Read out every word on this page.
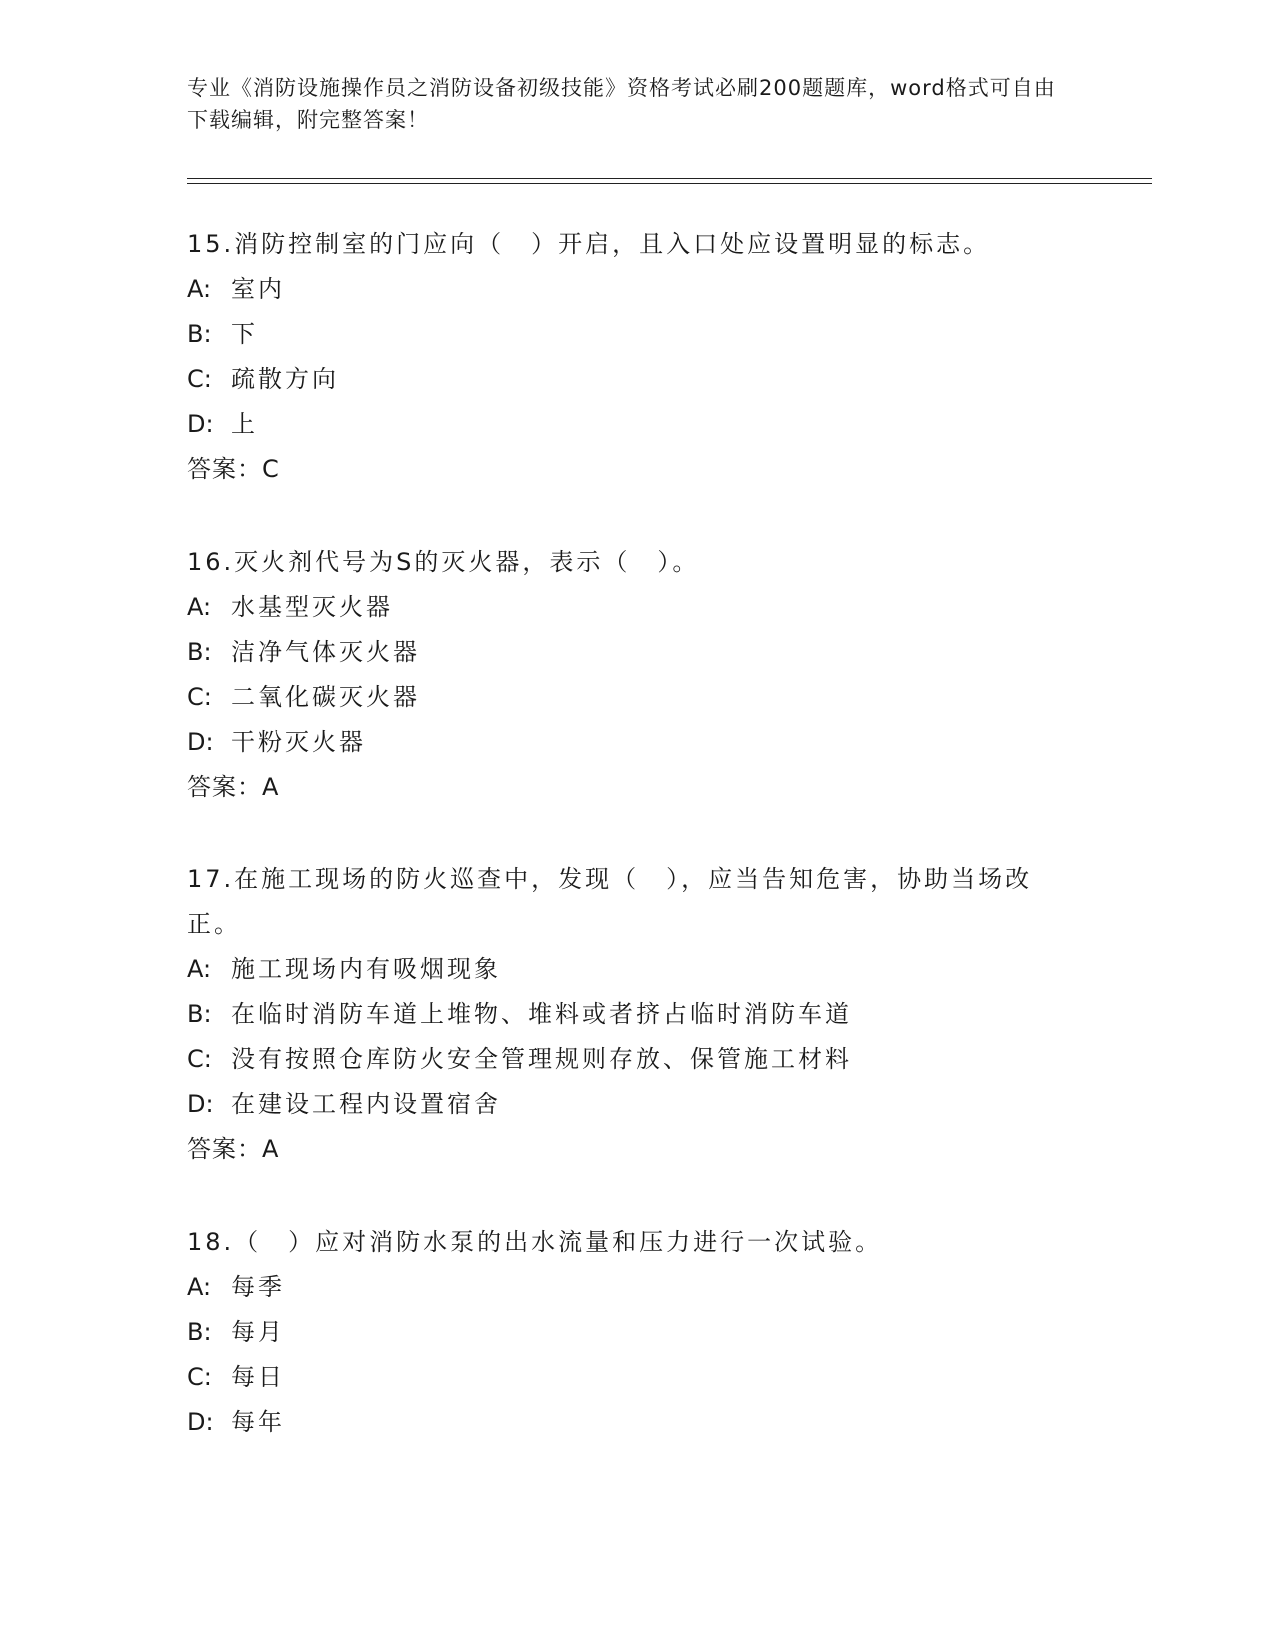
专业《消防设施操作员之消防设备初级技能》资格考试必刷200题题库，word格式可自由下载编辑，附完整答案！

15.消防控制室的门应向（　）开启，且入口处应设置明显的标志。

A: 室内

B: 下

C: 疏散方向

D: 上

答案：C

16.灭火剂代号为S的灭火器，表示（　）。

A: 水基型灭火器

B: 洁净气体灭火器

C: 二氧化碳灭火器

D: 干粉灭火器

答案：A

17.在施工现场的防火巡查中，发现（　），应当告知危害，协助当场改正。

A: 施工现场内有吸烟现象

B: 在临时消防车道上堆物、堆料或者挤占临时消防车道

C: 没有按照仓库防火安全管理规则存放、保管施工材料

D: 在建设工程内设置宿舍

答案：A

18.（　）应对消防水泵的出水流量和压力进行一次试验。

A: 每季

B: 每月

C: 每日

D: 每年
